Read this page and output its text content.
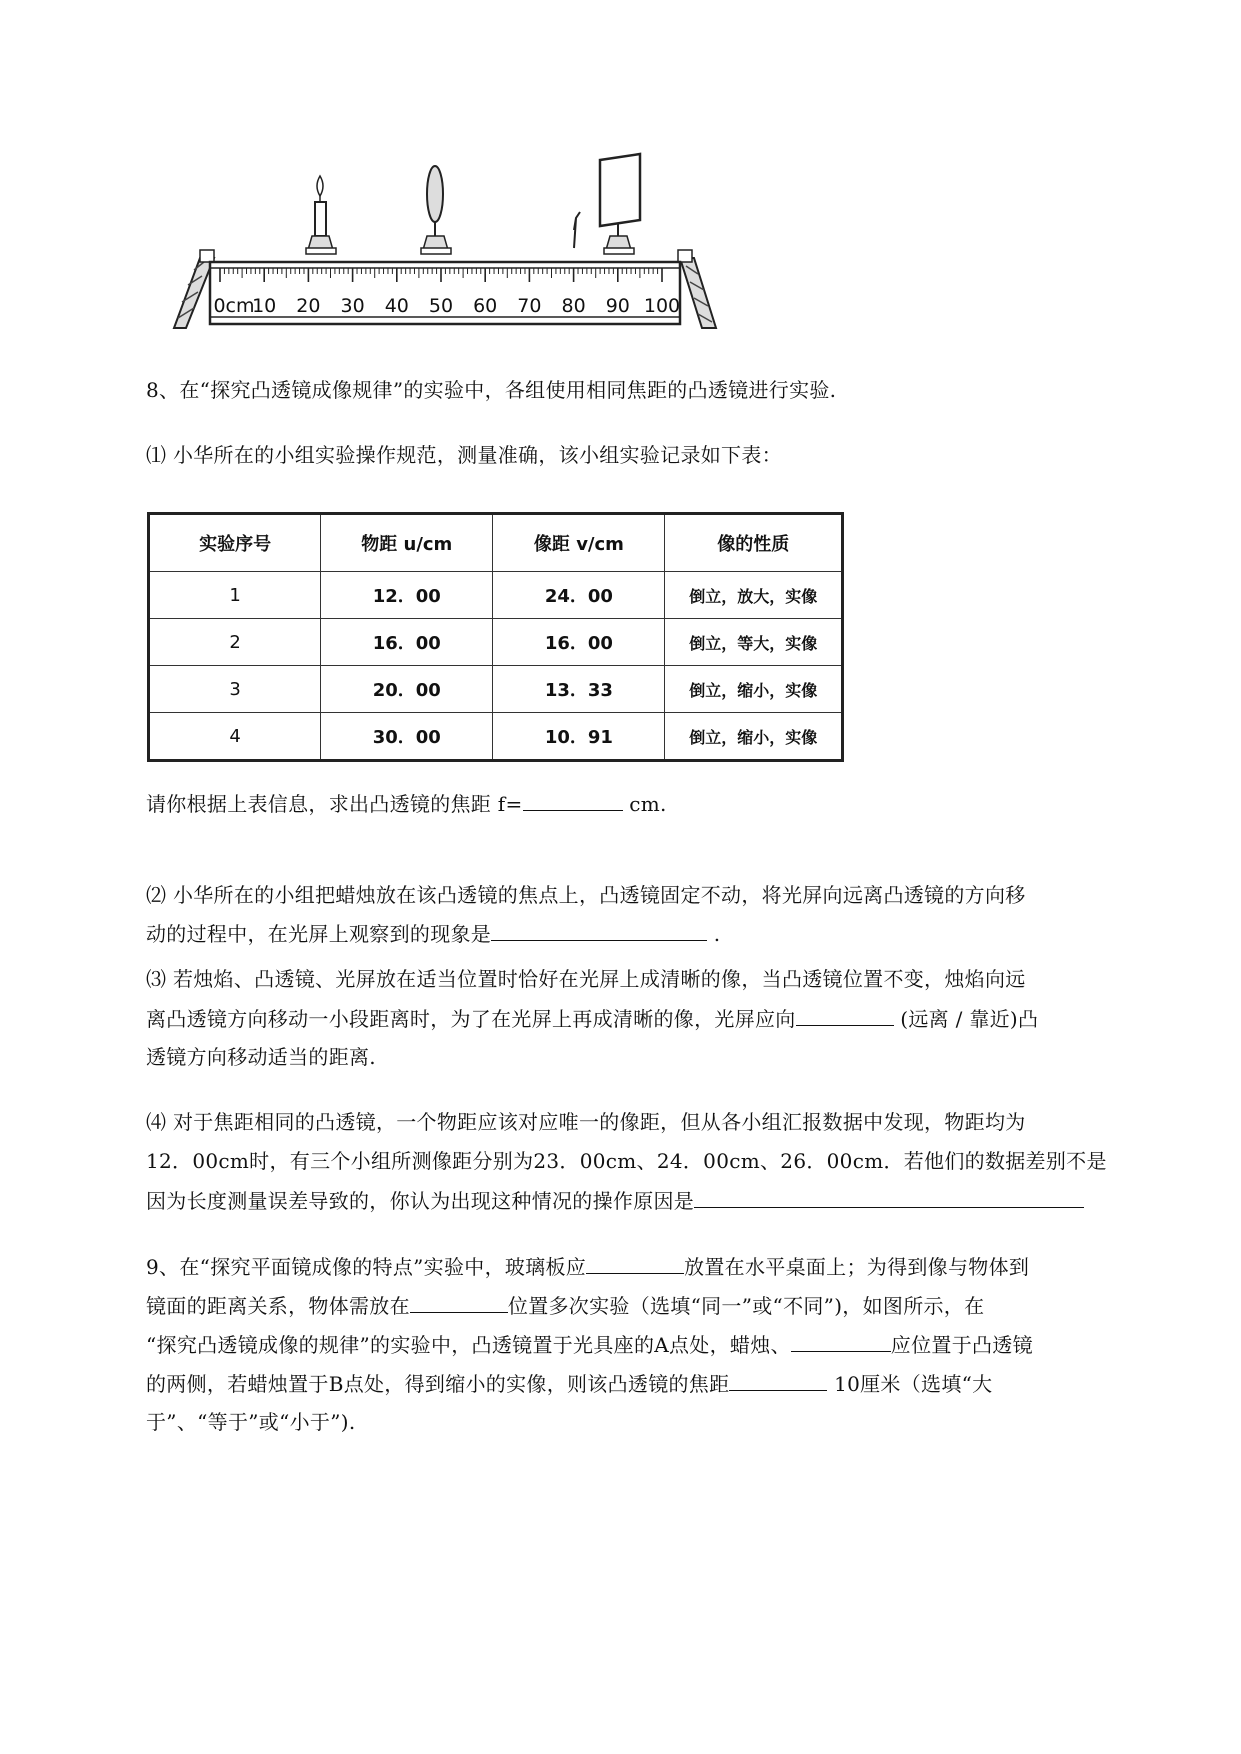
0cm
10 20 30 40 50 60 70 80 90 100
8、在“探究凸透镜成像规律”的实验中，各组使用相同焦距的凸透镜进行实验.
⑴ 小华所在的小组实验操作规范，测量准确，该小组实验记录如下表：
实验序号	物距 u/cm	像距 v/cm	像的性质
1	12．00	24．00	倒立，放大，实像
2	16．00	16．00	倒立，等大，实像
3	20．00	13．33	倒立，缩小，实像
4	30．00	10．91	倒立，缩小，实像
请你根据上表信息，求出凸透镜的焦距 f=	cm.
⑵ 小华所在的小组把蜡烛放在该凸透镜的焦点上，凸透镜固定不动，将光屏向远离凸透镜的方向移
动的过程中，在光屏上观察到的现象是	.
⑶ 若烛焰、凸透镜、光屏放在适当位置时恰好在光屏上成清晰的像，当凸透镜位置不变，烛焰向远
离凸透镜方向移动一小段距离时，为了在光屏上再成清晰的像，光屏应向	(远离 / 靠近)凸
透镜方向移动适当的距离.
⑷ 对于焦距相同的凸透镜，一个物距应该对应唯一的像距，但从各小组汇报数据中发现，物距均为
12．00cm时，有三个小组所测像距分别为23．00cm、24．00cm、26．00cm．若他们的数据差别不是
因为长度测量误差导致的，你认为出现这种情况的操作原因是
9、在“探究平面镜成像的特点”实验中，玻璃板应	放置在水平桌面上；为得到像与物体到
镜面的距离关系，物体需放在	位置多次实验（选填“同一”或“不同”)，如图所示，在
“探究凸透镜成像的规律”的实验中，凸透镜置于光具座的A点处，蜡烛、	应位置于凸透镜
的两侧，若蜡烛置于B点处，得到缩小的实像，则该凸透镜的焦距	10厘米（选填“大
于”、“等于”或“小于”).
